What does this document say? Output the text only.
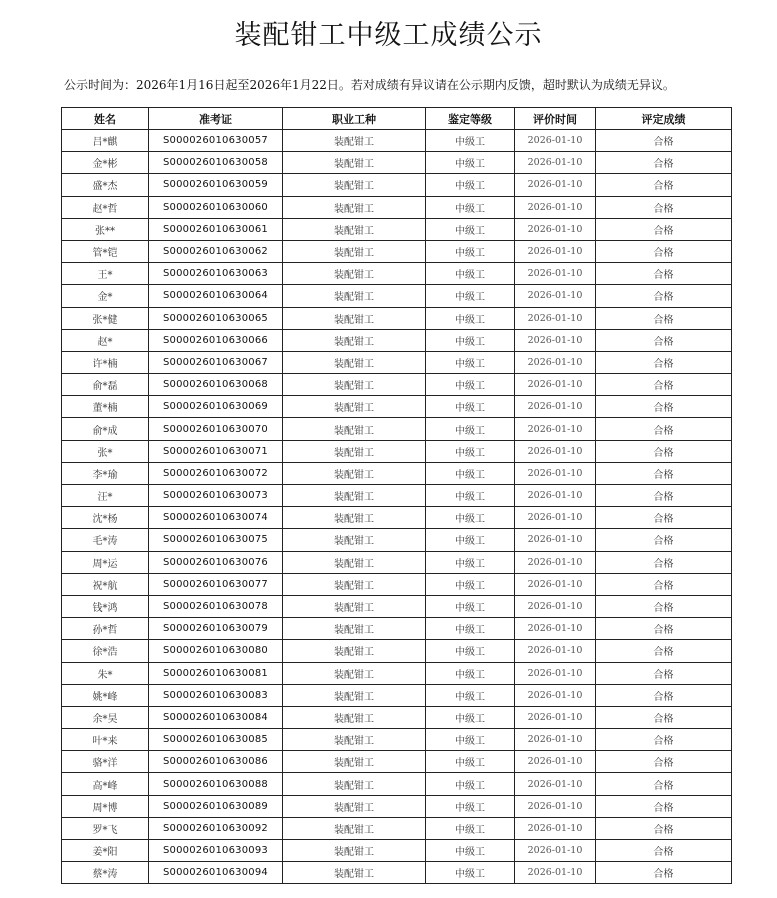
装配钳工中级工成绩公示
公示时间为：2026年1月16日起至2026年1月22日。若对成绩有异议请在公示期内反馈，超时默认为成绩无异议。
姓名	准考证	职业工种	鉴定等级	评价时间	评定成绩
吕*麒	S000026010630057	装配钳工	中级工	2026-01-10	合格
金*彬	S000026010630058	装配钳工	中级工	2026-01-10	合格
盛*杰	S000026010630059	装配钳工	中级工	2026-01-10	合格
赵*哲	S000026010630060	装配钳工	中级工	2026-01-10	合格
张**	S000026010630061	装配钳工	中级工	2026-01-10	合格
管*铠	S000026010630062	装配钳工	中级工	2026-01-10	合格
王*	S000026010630063	装配钳工	中级工	2026-01-10	合格
金*	S000026010630064	装配钳工	中级工	2026-01-10	合格
张*健	S000026010630065	装配钳工	中级工	2026-01-10	合格
赵*	S000026010630066	装配钳工	中级工	2026-01-10	合格
许*楠	S000026010630067	装配钳工	中级工	2026-01-10	合格
俞*磊	S000026010630068	装配钳工	中级工	2026-01-10	合格
董*楠	S000026010630069	装配钳工	中级工	2026-01-10	合格
俞*成	S000026010630070	装配钳工	中级工	2026-01-10	合格
张*	S000026010630071	装配钳工	中级工	2026-01-10	合格
李*瑜	S000026010630072	装配钳工	中级工	2026-01-10	合格
汪*	S000026010630073	装配钳工	中级工	2026-01-10	合格
沈*杨	S000026010630074	装配钳工	中级工	2026-01-10	合格
毛*涛	S000026010630075	装配钳工	中级工	2026-01-10	合格
周*运	S000026010630076	装配钳工	中级工	2026-01-10	合格
祝*航	S000026010630077	装配钳工	中级工	2026-01-10	合格
钱*鸿	S000026010630078	装配钳工	中级工	2026-01-10	合格
孙*哲	S000026010630079	装配钳工	中级工	2026-01-10	合格
徐*浩	S000026010630080	装配钳工	中级工	2026-01-10	合格
朱*	S000026010630081	装配钳工	中级工	2026-01-10	合格
姚*峰	S000026010630083	装配钳工	中级工	2026-01-10	合格
余*昊	S000026010630084	装配钳工	中级工	2026-01-10	合格
叶*来	S000026010630085	装配钳工	中级工	2026-01-10	合格
骆*洋	S000026010630086	装配钳工	中级工	2026-01-10	合格
高*峰	S000026010630088	装配钳工	中级工	2026-01-10	合格
周*博	S000026010630089	装配钳工	中级工	2026-01-10	合格
罗*飞	S000026010630092	装配钳工	中级工	2026-01-10	合格
姜*阳	S000026010630093	装配钳工	中级工	2026-01-10	合格
蔡*涛	S000026010630094	装配钳工	中级工	2026-01-10	合格
